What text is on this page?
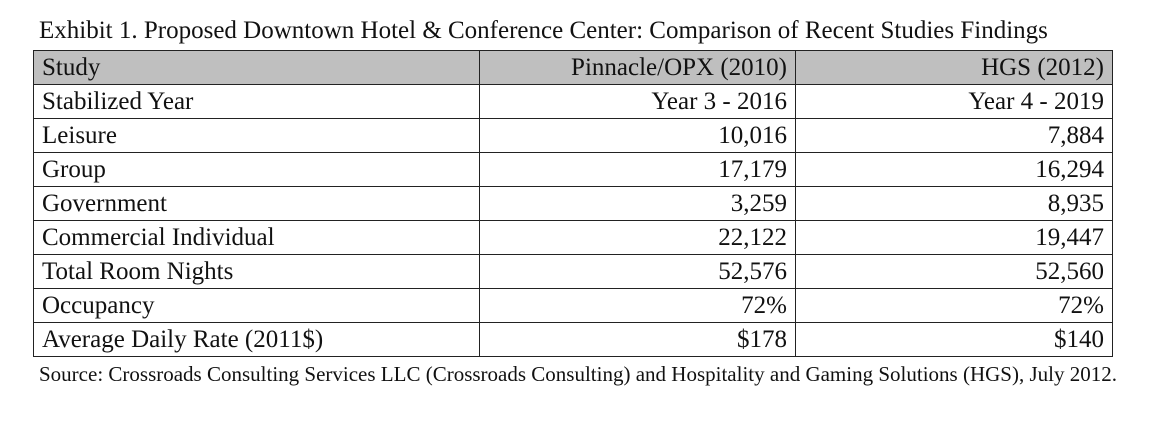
Exhibit 1. Proposed Downtown Hotel & Conference Center: Comparison of Recent Studies Findings
Study	Pinnacle/OPX (2010)	HGS (2012)
Stabilized Year	Year 3 - 2016	Year 4 - 2019
Leisure	10,016	7,884
Group	17,179	16,294
Government	3,259	8,935
Commercial Individual	22,122	19,447
Total Room Nights	52,576	52,560
Occupancy	72%	72%
Average Daily Rate (2011$)	$178	$140
Source: Crossroads Consulting Services LLC (Crossroads Consulting) and Hospitality and Gaming Solutions (HGS), July 2012.
